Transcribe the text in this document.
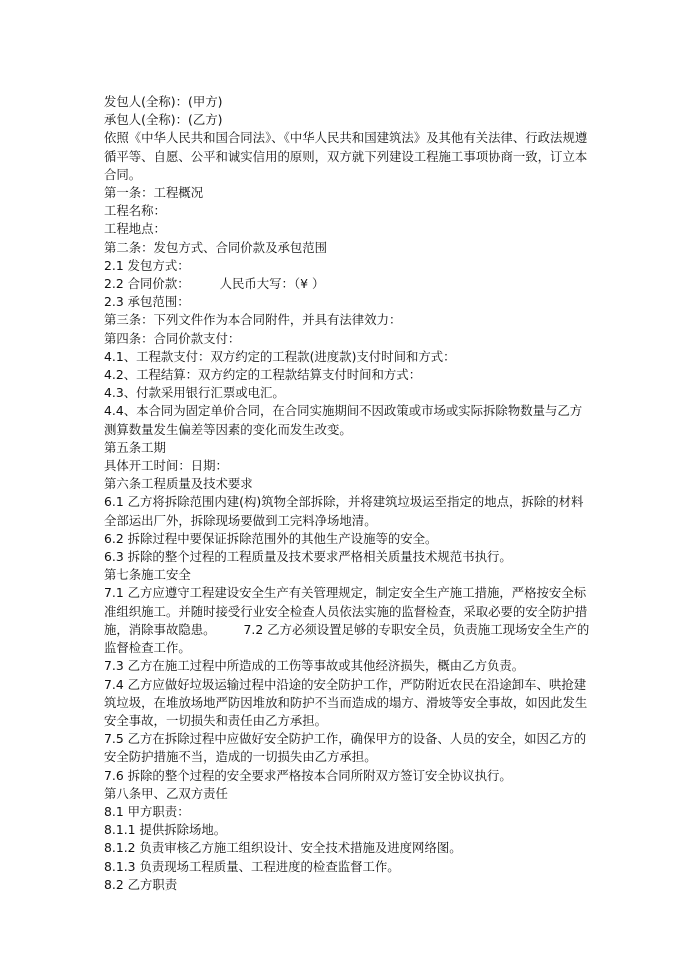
发包人(全称)：(甲方)
承包人(全称)：(乙方)
依照《中华人民共和国合同法》、《中华人民共和国建筑法》及其他有关法律、行政法规遵循平等、自愿、公平和诚实信用的原则，双方就下列建设工程施工事项协商一致，订立本合同。
第一条：工程概况
工程名称：
工程地点：
第二条：发包方式、合同价款及承包范围
2.1 发包方式：
2.2 合同价款： 人民币大写：（¥ ）
2.3 承包范围：
第三条：下列文件作为本合同附件，并具有法律效力：
第四条：合同价款支付：
4.1、工程款支付：双方约定的工程款(进度款)支付时间和方式：
4.2、工程结算：双方约定的工程款结算支付时间和方式：
4.3、付款采用银行汇票或电汇。
4.4、本合同为固定单价合同，在合同实施期间不因政策或市场或实际拆除物数量与乙方测算数量发生偏差等因素的变化而发生改变。
第五条工期
具体开工时间：日期：
第六条工程质量及技术要求
6.1 乙方将拆除范围内建(构)筑物全部拆除，并将建筑垃圾运至指定的地点，拆除的材料全部运出厂外，拆除现场要做到工完料净场地清。
6.2 拆除过程中要保证拆除范围外的其他生产设施等的安全。
6.3 拆除的整个过程的工程质量及技术要求严格相关质量技术规范书执行。
第七条施工安全
7.1 乙方应遵守工程建设安全生产有关管理规定，制定安全生产施工措施，严格按安全标准组织施工。并随时接受行业安全检查人员依法实施的监督检查，采取必要的安全防护措施，消除事故隐患。 7.2 乙方必须设置足够的专职安全员，负责施工现场安全生产的监督检查工作。
7.3 乙方在施工过程中所造成的工伤等事故或其他经济损失，概由乙方负责。
7.4 乙方应做好垃圾运输过程中沿途的安全防护工作，严防附近农民在沿途卸车、哄抢建筑垃圾，在堆放场地严防因堆放和防护不当而造成的塌方、滑坡等安全事故，如因此发生安全事故，一切损失和责任由乙方承担。
7.5 乙方在拆除过程中应做好安全防护工作，确保甲方的设备、人员的安全，如因乙方的安全防护措施不当，造成的一切损失由乙方承担。
7.6 拆除的整个过程的安全要求严格按本合同所附双方签订安全协议执行。
第八条甲、乙双方责任
8.1 甲方职责：
8.1.1 提供拆除场地。
8.1.2 负责审核乙方施工组织设计、安全技术措施及进度网络图。
8.1.3 负责现场工程质量、工程进度的检查监督工作。
8.2 乙方职责
